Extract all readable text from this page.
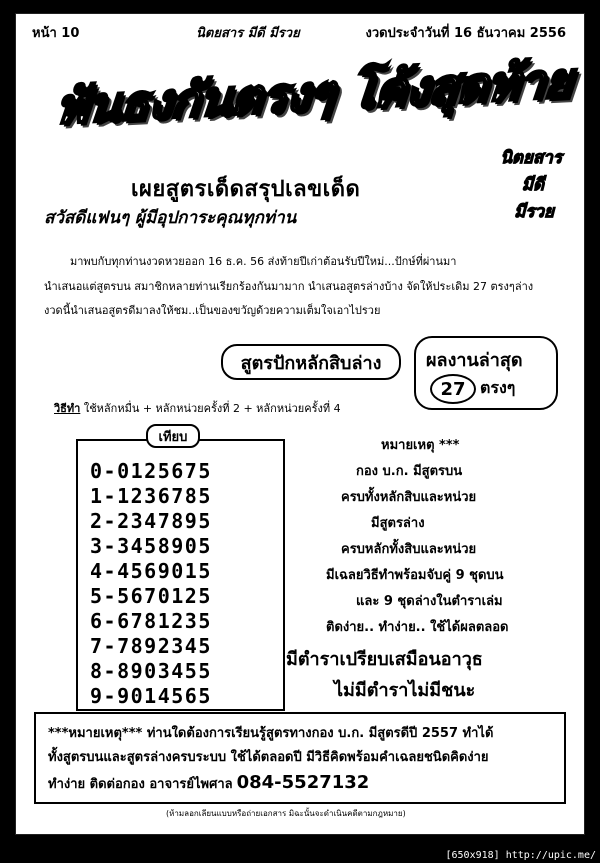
หน้า 10	นิตยสาร มีดี มีรวย	งวดประจำวันที่ 16 ธันวาคม 2556
ฟันธงกันตรงๆ โค้งสุดท้าย
นิตยสาร
มีดี
มีรวย
เผยสูตรเด็ดสรุปเลขเด็ด
สวัสดีแฟนๆ ผู้มีอุปการะคุณทุกท่าน
มาพบกับทุกท่านงวดหวยออก 16 ธ.ค. 56 ส่งท้ายปีเก่าต้อนรับปีใหม่...ปักษ์ที่ผ่านมา
นำเสนอแต่สูตรบน สมาชิกหลายท่านเรียกร้องกันมามาก นำเสนอสูตรล่างบ้าง จัดให้ประเดิม 27 ตรงๆล่าง
งวดนี้นำเสนอสูตรดีมาลงให้ชม..เป็นของขวัญด้วยความเต็มใจเอาไปรวย
สูตรปักหลักสิบล่าง	ผลงานล่าสุด
27 ตรงๆ
วิธีทำ ใช้หลักหมื่น + หลักหน่วยครั้งที่ 2 + หลักหน่วยครั้งที่ 4
0-0125675
1-1236785
2-2347895
3-3458905
4-4569015
5-5670125
6-6781235
7-7892345
8-8903455
9-9014565
เทียบ
หมายเหตุ ***
กอง บ.ก. มีสูตรบน
ครบทั้งหลักสิบและหน่วย
มีสูตรล่าง
ครบหลักทั้งสิบและหน่วย
มีเฉลยวิธีทำพร้อมจับคู่ 9 ชุดบน
และ 9 ชุดล่างในตำราเล่ม
ติดง่าย.. ทำง่าย.. ใช้ได้ผลตลอด
มีตำราเปรียบเสมือนอาวุธ
ไม่มีตำราไม่มีชนะ
***หมายเหตุ*** ท่านใดต้องการเรียนรู้สูตรทางกอง บ.ก. มีสูตรดีปี 2557 ทำได้
ทั้งสูตรบนและสูตรล่างครบระบบ ใช้ได้ตลอดปี มีวิธีคิดพร้อมคำเฉลยชนิดคิดง่าย
ทำง่าย ติดต่อกอง อาจารย์ไพศาล 084-5527132
(ห้ามลอกเลียนแบบหรือถ่ายเอกสาร มิฉะนั้นจะดำเนินคดีตามกฎหมาย)
[650x918] http://upic.me/
